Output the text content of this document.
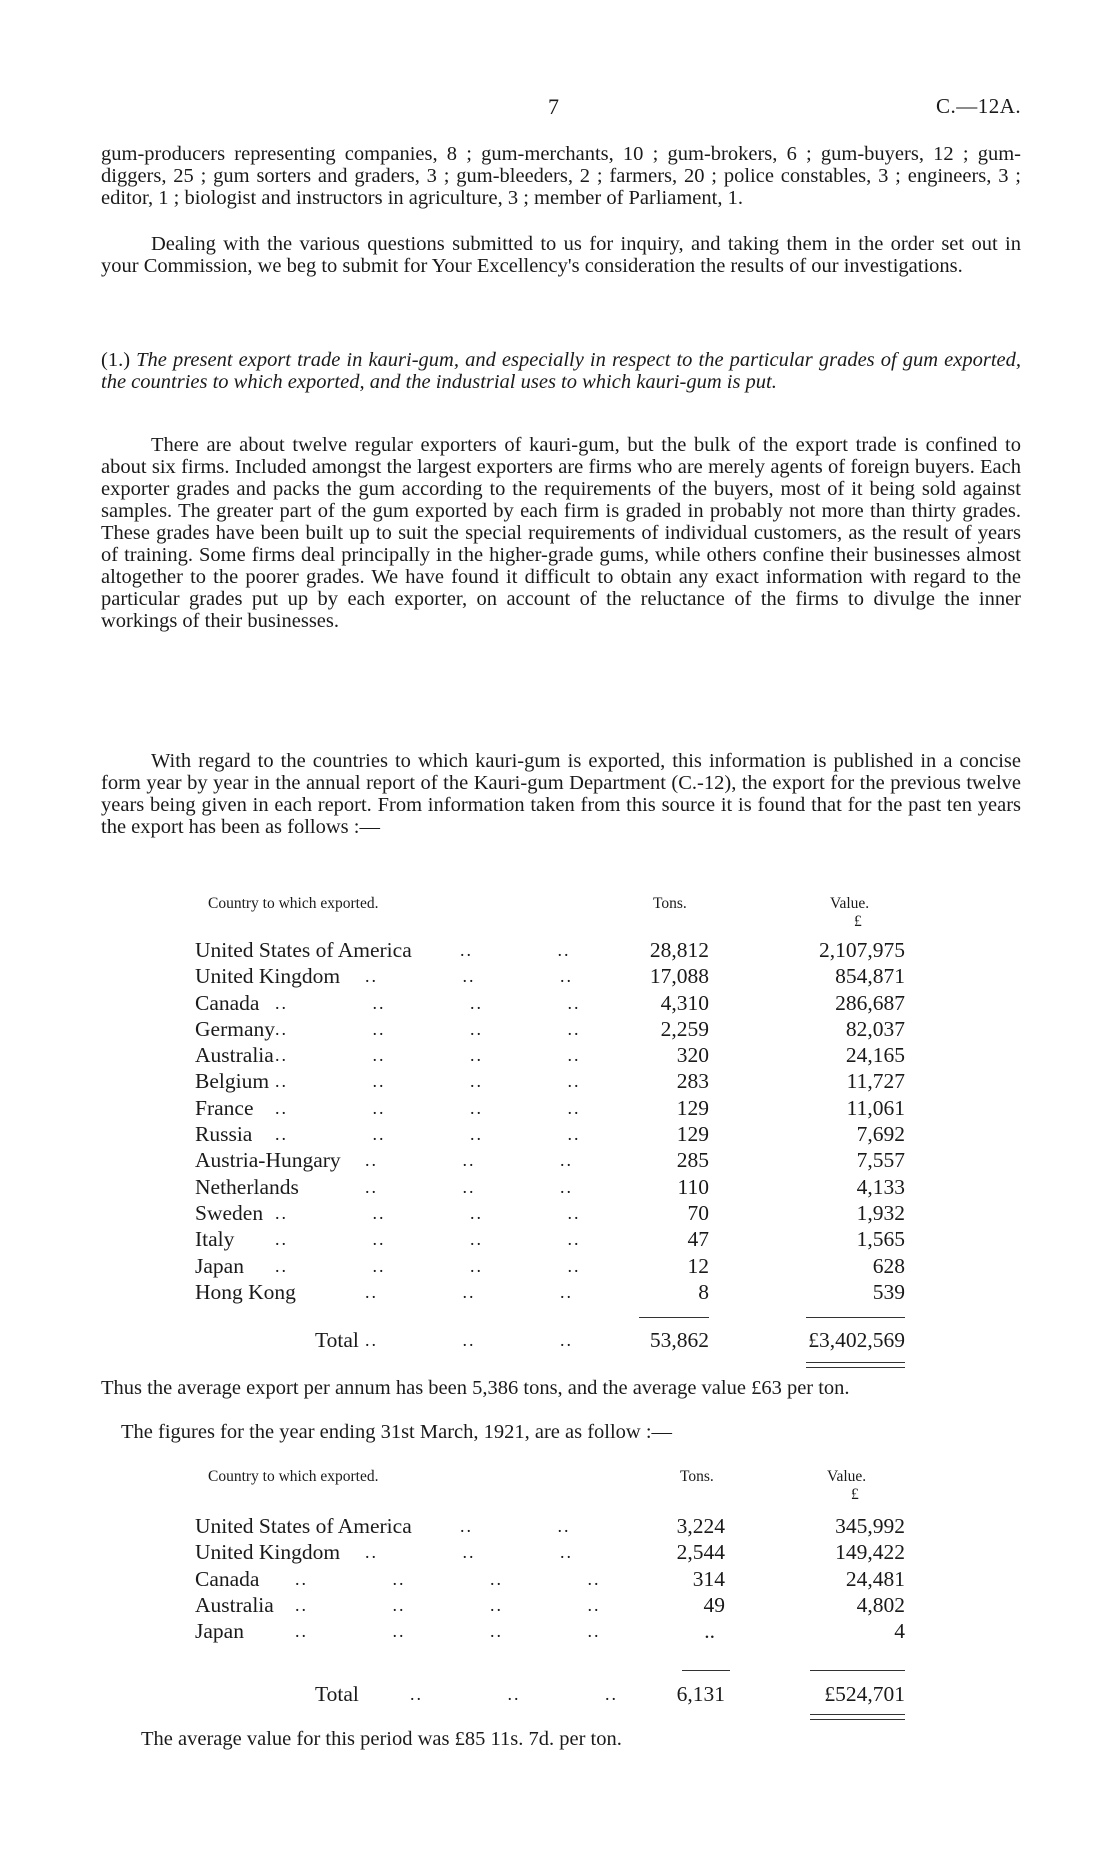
7	C.—12A.
gum-producers representing companies, 8 ; gum-merchants, 10 ; gum-brokers, 6 ; gum-buyers, 12 ; gum-diggers, 25 ; gum sorters and graders, 3 ; gum-bleeders, 2 ; farmers, 20 ; police constables, 3 ; engineers, 3 ; editor, 1 ; biologist and instructors in agriculture, 3 ; member of Parliament, 1.
Dealing with the various questions submitted to us for inquiry, and taking them in the order set out in your Commission, we beg to submit for Your Excellency's consideration the results of our investigations.
(1.) The present export trade in kauri-gum, and especially in respect to the particular grades of gum exported, the countries to which exported, and the industrial uses to which kauri-gum is put.
There are about twelve regular exporters of kauri-gum, but the bulk of the export trade is confined to about six firms. Included amongst the largest exporters are firms who are merely agents of foreign buyers. Each exporter grades and packs the gum according to the requirements of the buyers, most of it being sold against samples. The greater part of the gum exported by each firm is graded in probably not more than thirty grades. These grades have been built up to suit the special requirements of individual customers, as the result of years of training. Some firms deal principally in the higher-grade gums, while others confine their businesses almost altogether to the poorer grades. We have found it difficult to obtain any exact information with regard to the particular grades put up by each exporter, on account of the reluctance of the firms to divulge the inner workings of their businesses.
With regard to the countries to which kauri-gum is exported, this information is published in a concise form year by year in the annual report of the Kauri-gum Department (C.-12), the export for the previous twelve years being given in each report. From information taken from this source it is found that for the past ten years the export has been as follows :—
Country to which exported.	Tons.	Value.
£
United States of America	..             ..	28,812	2,107,975
United Kingdom ..             ..             ..	17,088	854,871
Canada ..             ..             ..             ..	4,310	286,687
Germany ..             ..             ..             ..	2,259	82,037
Australia ..             ..             ..             ..	320	24,165
Belgium ..             ..             ..             ..	283	11,727
France ..             ..             ..             ..	129	11,061
Russia ..             ..             ..             ..	129	7,692
Austria-Hungary ..             ..             ..	285	7,557
Netherlands	..             ..             ..	110	4,133
Sweden ..             ..             ..             ..	70	1,932
Italy ..             ..             ..             ..	47	1,565
Japan ..             ..             ..             ..	12	628
Hong Kong	..             ..             ..	8	539
Total ..             ..             ..	53,862	£3,402,569
Thus the average export per annum has been 5,386 tons, and the average value £63 per ton.
The figures for the year ending 31st March, 1921, are as follow :—
Country to which exported.	Tons.	Value.
£
United States of America	..             ..	3,224	345,992
United Kingdom ..             ..             ..	2,544	149,422
Canada ..             ..             ..             ..	314	24,481
Australia ..             ..             ..             ..	49	4,802
Japan	..             ..             ..             ..	..	4
Total	..             ..             ..	6,131	£524,701
The average value for this period was £85 11s. 7d. per ton.
